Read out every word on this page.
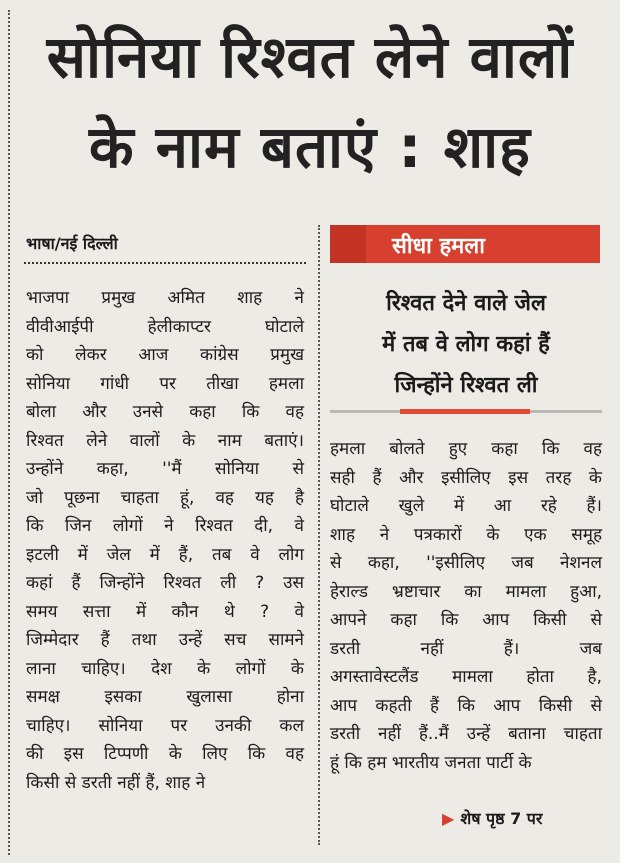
सोनिया रिश्वत लेने वालों
के नाम बताएं : शाह
भाषा/नई दिल्ली
भाजपा प्रमुख अमित शाह ने
वीवीआईपी हेलीकाप्टर घोटाले
को लेकर आज कांग्रेस प्रमुख
सोनिया गांधी पर तीखा हमला
बोला और उनसे कहा कि वह
रिश्वत लेने वालों के नाम बताएं।
उन्होंने कहा, ''मैं सोनिया से
जो पूछना चाहता हूं, वह यह है
कि जिन लोगों ने रिश्वत दी, वे
इटली में जेल में हैं, तब वे लोग
कहां हैं जिन्होंने रिश्वत ली ? उस
समय सत्ता में कौन थे ? वे
जिम्मेदार हैं तथा उन्हें सच सामने
लाना चाहिए। देश के लोगों के
समक्ष इसका खुलासा होना
चाहिए। सोनिया पर उनकी कल
की इस टिप्पणी के लिए कि वह
किसी से डरती नहीं हैं, शाह ने
सीधा हमला
रिश्वत देने वाले जेल
में तब वे लोग कहां हैं
जिन्होंने रिश्वत ली
हमला बोलते हुए कहा कि वह
सही हैं और इसीलिए इस तरह के
घोटाले खुले में आ रहे हैं।
शाह ने पत्रकारों के एक समूह
से कहा, ''इसीलिए जब नेशनल
हेराल्ड भ्रष्टाचार का मामला हुआ,
आपने कहा कि आप किसी से
डरती नहीं हैं। जब
अगस्तावेस्टलैंड मामला होता है,
आप कहती हैं कि आप किसी से
डरती नहीं हैं..मैं उन्हें बताना चाहता
हूं कि हम भारतीय जनता पार्टी के
▶ शेष पृष्ठ 7 पर
